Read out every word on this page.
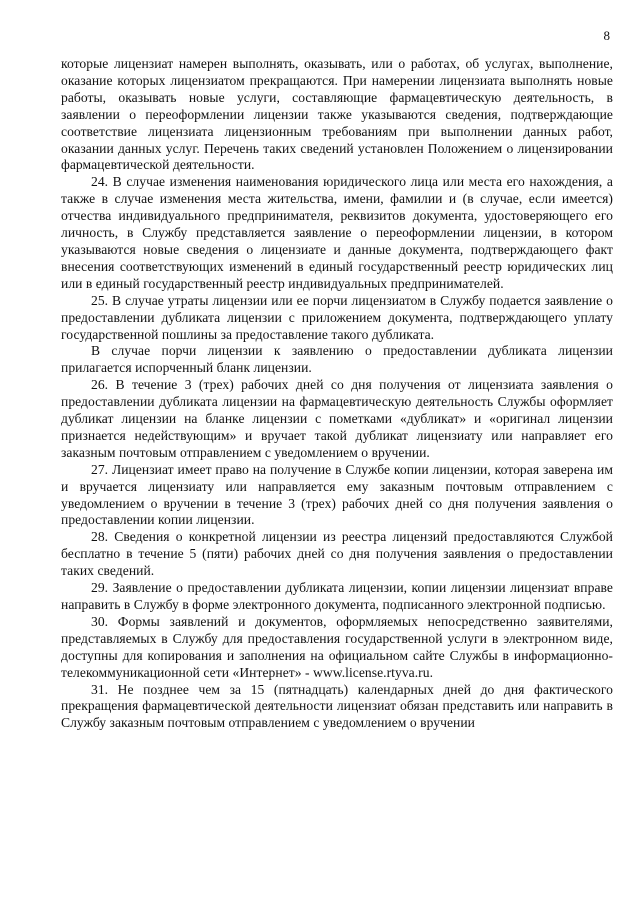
8

которые лицензиат намерен выполнять, оказывать, или о работах, об услугах, выполнение, оказание которых лицензиатом прекращаются. При намерении лицензиата выполнять новые работы, оказывать новые услуги, составляющие фармацевтическую деятельность, в заявлении о переоформлении лицензии также указываются сведения, подтверждающие соответствие лицензиата лицензионным требованиям при выполнении данных работ, оказании данных услуг. Перечень таких сведений установлен Положением о лицензировании фармацевтической деятельности.

24. В случае изменения наименования юридического лица или места его нахождения, а также в случае изменения места жительства, имени, фамилии и (в случае, если имеется) отчества индивидуального предпринимателя, реквизитов документа, удостоверяющего его личность, в Службу представляется заявление о переоформлении лицензии, в котором указываются новые сведения о лицензиате и данные документа, подтверждающего факт внесения соответствующих изменений в единый государственный реестр юридических лиц или в единый государственный реестр индивидуальных предпринимателей.

25. В случае утраты лицензии или ее порчи лицензиатом в Службу подается заявление о предоставлении дубликата лицензии с приложением документа, подтверждающего уплату государственной пошлины за предоставление такого дубликата.

В случае порчи лицензии к заявлению о предоставлении дубликата лицензии прилагается испорченный бланк лицензии.

26. В течение 3 (трех) рабочих дней со дня получения от лицензиата заявления о предоставлении дубликата лицензии на фармацевтическую деятельность Службы оформляет дубликат лицензии на бланке лицензии с пометками «дубликат» и «оригинал лицензии признается недействующим» и вручает такой дубликат лицензиату или направляет его заказным почтовым отправлением с уведомлением о вручении.

27. Лицензиат имеет право на получение в Службе копии лицензии, которая заверена им и вручается лицензиату или направляется ему заказным почтовым отправлением с уведомлением о вручении в течение 3 (трех) рабочих дней со дня получения заявления о предоставлении копии лицензии.

28. Сведения о конкретной лицензии из реестра лицензий предоставляются Службой бесплатно в течение 5 (пяти) рабочих дней со дня получения заявления о предоставлении таких сведений.

29. Заявление о предоставлении дубликата лицензии, копии лицензии лицензиат вправе направить в Службу в форме электронного документа, подписанного электронной подписью.

30. Формы заявлений и документов, оформляемых непосредственно заявителями, представляемых в Службу для предоставления государственной услуги в электронном виде, доступны для копирования и заполнения на официальном сайте Службы в информационно-телекоммуникационной сети «Интернет» - www.license.rtyva.ru.

31. Не позднее чем за 15 (пятнадцать) календарных дней до дня фактического прекращения фармацевтической деятельности лицензиат обязан представить или направить в Службу заказным почтовым отправлением с уведомлением о вручении
